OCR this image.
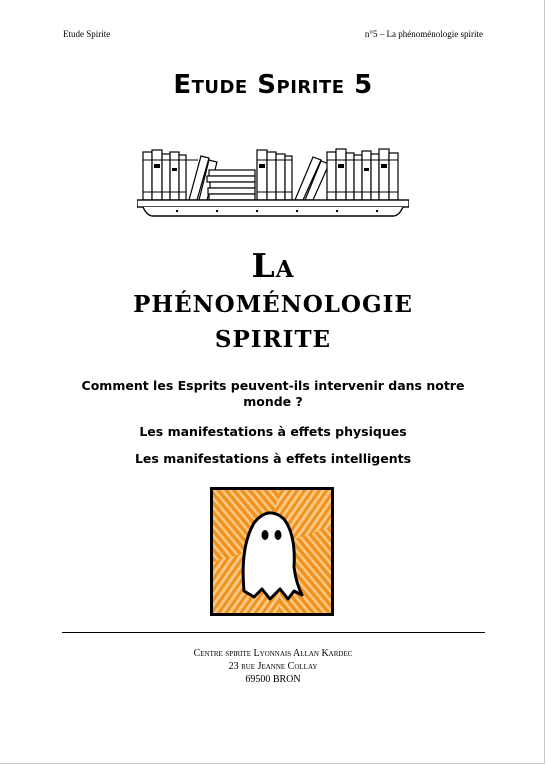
Etude Spirite	n°5 – La phénoménologie spirite
Etude Spirite 5
La
phénoménologie
spirite
Comment les Esprits peuvent-ils intervenir dans notre monde ?
Les manifestations à effets physiques
Les manifestations à effets intelligents
Centre spirite Lyonnais Allan Kardec
23 rue Jeanne Collay
69500 BRON
